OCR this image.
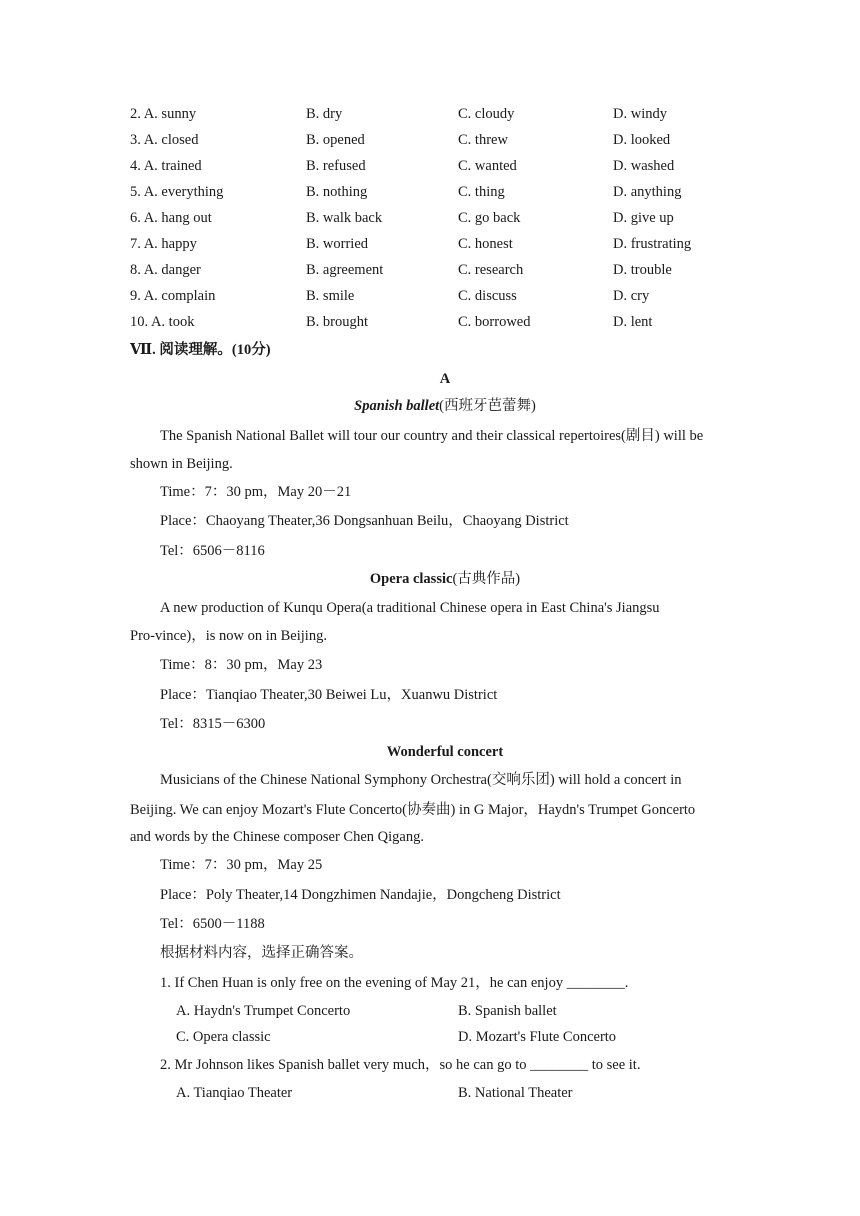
2. A. sunny	B. dry	C. cloudy	D. windy
3. A. closed	B. opened	C. threw	D. looked
4. A. trained	B. refused	C. wanted	D. washed
5. A. everything	B. nothing	C. thing	D. anything
6. A. hang out	B. walk back	C. go back	D. give up
7. A. happy	B. worried	C. honest	D. frustrating
8. A. danger	B. agreement	C. research	D. trouble
9. A. complain	B. smile	C. discuss	D. cry
10. A. took	B. brought	C. borrowed	D. lent
Ⅶ. 阅读理解。(10分)
A
Spanish ballet(西班牙芭蕾舞)
The Spanish National Ballet will tour our country and their classical repertoires(剧目) will be
shown in Beijing.
Time：7：30 pm，May 20－21
Place：Chaoyang Theater,36 Dongsanhuan Beilu，Chaoyang District
Tel：6506－8116
Opera classic(古典作品)
A new production of Kunqu Opera(a traditional Chinese opera in East China's Jiangsu
Pro-vince)，is now on in Beijing.
Time：8：30 pm，May 23
Place：Tianqiao Theater,30 Beiwei Lu，Xuanwu District
Tel：8315－6300
Wonderful concert
Musicians of the Chinese National Symphony Orchestra(交响乐团) will hold a concert in
Beijing. We can enjoy Mozart's Flute Concerto(协奏曲) in G Major，Haydn's Trumpet Goncerto
and words by the Chinese composer Chen Qigang.
Time：7：30 pm，May 25
Place：Poly Theater,14 Dongzhimen Nandajie，Dongcheng District
Tel：6500－1188
根据材料内容，选择正确答案。
1. If Chen Huan is only free on the evening of May 21，he can enjoy ________.
A. Haydn's Trumpet Concerto	B. Spanish ballet
C. Opera classic	D. Mozart's Flute Concerto
2. Mr Johnson likes Spanish ballet very much，so he can go to ________ to see it.
A. Tianqiao Theater	B. National Theater
